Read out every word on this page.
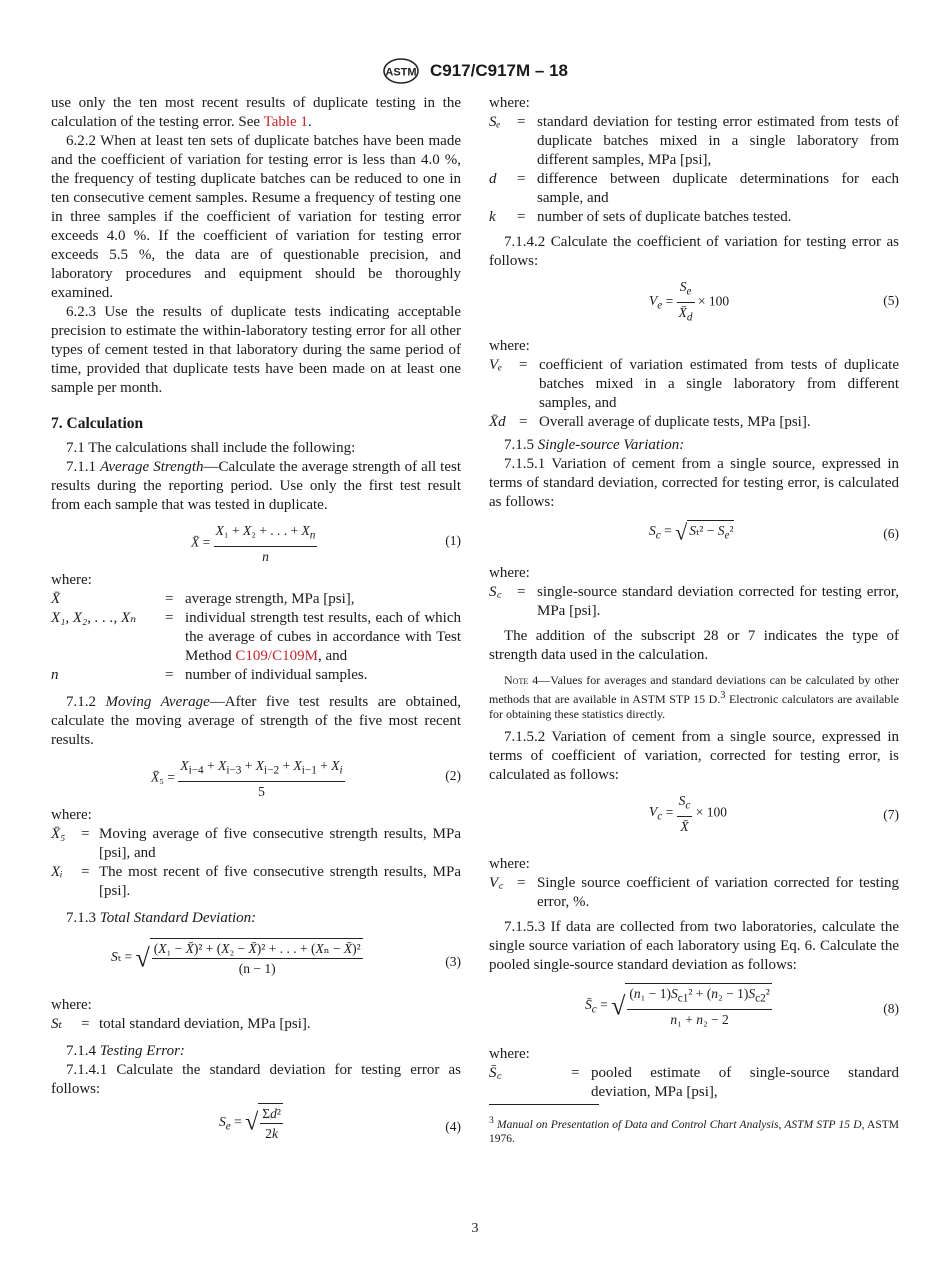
ASTM C917/C917M – 18

use only the ten most recent results of duplicate testing in the calculation of the testing error. See Table 1.

6.2.2 When at least ten sets of duplicate batches have been made and the coefficient of variation for testing error is less than 4.0 %, the frequency of testing duplicate batches can be reduced to one in ten consecutive cement samples. Resume a frequency of testing one in three samples if the coefficient of variation for testing error exceeds 4.0 %. If the coefficient of variation for testing error exceeds 5.5 %, the data are of questionable precision, and laboratory procedures and equipment should be thoroughly examined.

6.2.3 Use the results of duplicate tests indicating acceptable precision to estimate the within-laboratory testing error for all other types of cement tested in that laboratory during the same period of time, provided that duplicate tests have been made on at least one sample per month.

7. Calculation

7.1 The calculations shall include the following:

7.1.1 Average Strength—Calculate the average strength of all test results during the reporting period. Use only the first test result from each sample that was tested in duplicate.

X̄ = $\frac{X_1 + X_2 + . . . + X_n}{n}$	(1)

where:

X̄	=	average strength, MPa [psi],
X₁, X₂, . . ., Xₙ	=	individual strength test results, each of which the average of cubes in accordance with Test Method C109/C109M, and
n	=	number of individual samples.

7.1.2 Moving Average—After five test results are obtained, calculate the moving average of strength of the five most recent results.

X̄₅ = $\frac{X_{i-4} + X_{i-3} + X_{i-2} + X_{i-1} + X_i}{5}$	(2)

where:

X̄₅	=	Moving average of five consecutive strength results, MPa [psi], and
Xᵢ	=	The most recent of five consecutive strength results, MPa [psi].

7.1.3 Total Standard Deviation:

Sₜ = √ $\frac{\text{(X₁ − X̄)² + (X₂ − X̄)² + . . . + (Xₙ − X̄)²}}{(n - 1)}$	(3)

where:

Sₜ	=	total standard deviation, MPa [psi].

7.1.4 Testing Error:

7.1.4.1 Calculate the standard deviation for testing error as follows:

$S_e$ = √ $\frac{\text{Σd²}}{2k}$	(4)

where:

Sₑ	=	standard deviation for testing error estimated from tests of duplicate batches mixed in a single laboratory from different samples, MPa [psi],
d	=	difference between duplicate determinations for each sample, and
k	=	number of sets of duplicate batches tested.

7.1.4.2 Calculate the coefficient of variation for testing error as follows:

$V_e = \frac{S_e}{X̄_d} \times 100$	(5)

where:

Vₑ	=	coefficient of variation estimated from tests of duplicate batches mixed in a single laboratory from different samples, and
X̄d	=	Overall average of duplicate tests, MPa [psi].

7.1.5 Single-source Variation:

7.1.5.1 Variation of cement from a single source, expressed in terms of standard deviation, corrected for testing error, is calculated as follows:

$S_c$ = √ $S_t^2 - S_e^2$	(6)

where:

S꜀	=	single-source standard deviation corrected for testing error, MPa [psi].

The addition of the subscript 28 or 7 indicates the type of strength data used in the calculation.

Note 4—Values for averages and standard deviations can be calculated by other methods that are available in ASTM STP 15 D.$^3$ Electronic calculators are available for obtaining these statistics directly.

7.1.5.2 Variation of cement from a single source, expressed in terms of coefficient of variation, corrected for testing error, is calculated as follows:

$V_c = \frac{S_c}{X̄} \times 100$	(7)

where:

V꜀	=	Single source coefficient of variation corrected for testing error, %.

7.1.5.3 If data are collected from two laboratories, calculate the single source variation of each laboratory using Eq. 6. Calculate the pooled single-source standard deviation as follows:

$S̄_c$ = √ $\frac{(n_1 - 1)S_{c1}^2 + (n_2 - 1)S_{c2}^2}{\text{n₁ + n₂ − 2}}$	(8)

where:

S̄꜀	=	pooled estimate of single-source standard deviation, MPa [psi],

$^3$ Manual on Presentation of Data and Control Chart Analysis, ASTM STP 15 D, ASTM 1976.

3
